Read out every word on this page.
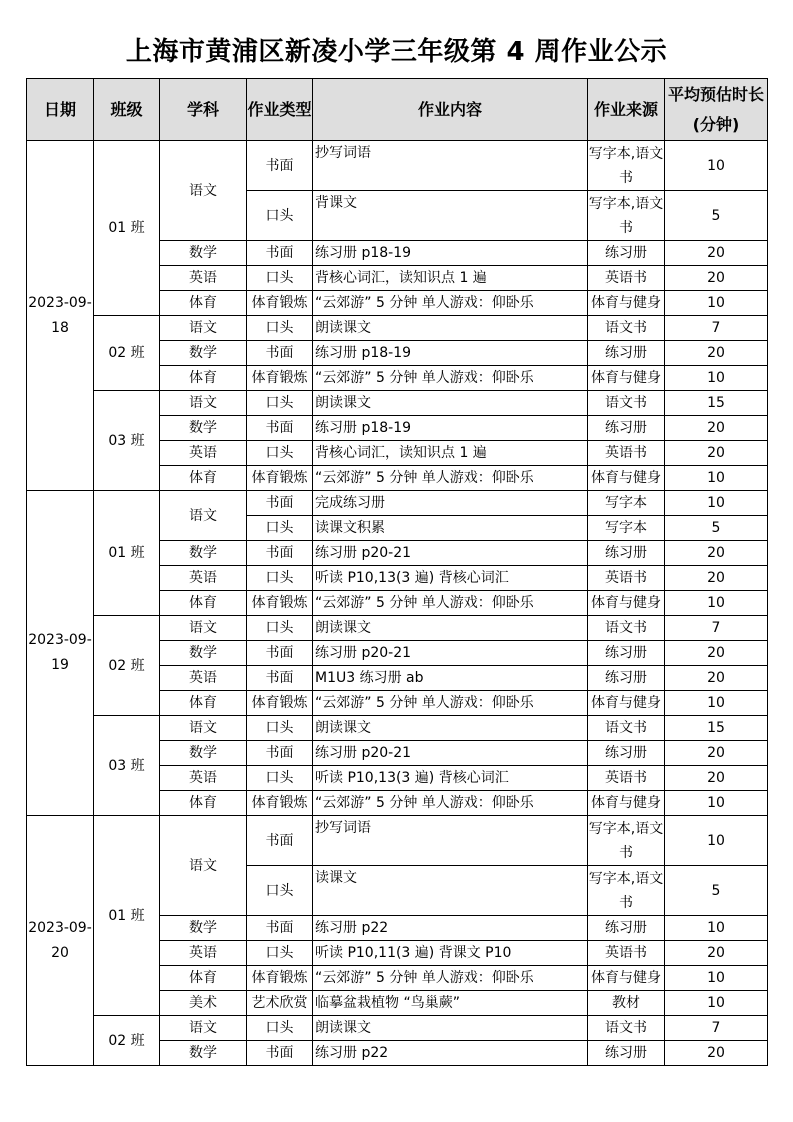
上海市黄浦区新凌小学三年级第 4 周作业公示
日期	班级	学科	作业类型	作业内容	作业来源	平均预估时长(分钟)
2023-09-18	01 班	语文	书面	抄写词语	写字本,语文书	10
			口头	背课文	写字本,语文书	5
		数学	书面	练习册 p18-19	练习册	20
		英语	口头	背核心词汇，读知识点 1 遍	英语书	20
		体育	体育锻炼	“云郊游” 5 分钟 单人游戏：仰卧乐	体育与健身	10
	02 班	语文	口头	朗读课文	语文书	7
		数学	书面	练习册 p18-19	练习册	20
		体育	体育锻炼	“云郊游” 5 分钟 单人游戏：仰卧乐	体育与健身	10
	03 班	语文	口头	朗读课文	语文书	15
		数学	书面	练习册 p18-19	练习册	20
		英语	口头	背核心词汇，读知识点 1 遍	英语书	20
		体育	体育锻炼	“云郊游” 5 分钟 单人游戏：仰卧乐	体育与健身	10
2023-09-19	01 班	语文	书面	完成练习册	写字本	10
			口头	读课文积累	写字本	5
		数学	书面	练习册 p20-21	练习册	20
		英语	口头	听读 P10,13(3 遍) 背核心词汇	英语书	20
		体育	体育锻炼	“云郊游” 5 分钟 单人游戏：仰卧乐	体育与健身	10
	02 班	语文	口头	朗读课文	语文书	7
		数学	书面	练习册 p20-21	练习册	20
		英语	书面	M1U3 练习册 ab	练习册	20
		体育	体育锻炼	“云郊游” 5 分钟 单人游戏：仰卧乐	体育与健身	10
	03 班	语文	口头	朗读课文	语文书	15
		数学	书面	练习册 p20-21	练习册	20
		英语	口头	听读 P10,13(3 遍) 背核心词汇	英语书	20
		体育	体育锻炼	“云郊游” 5 分钟 单人游戏：仰卧乐	体育与健身	10
2023-09-20	01 班	语文	书面	抄写词语	写字本,语文书	10
			口头	读课文	写字本,语文书	5
		数学	书面	练习册 p22	练习册	10
		英语	口头	听读 P10,11(3 遍) 背课文 P10	英语书	20
		体育	体育锻炼	“云郊游” 5 分钟 单人游戏：仰卧乐	体育与健身	10
		美术	艺术欣赏	临摹盆栽植物 “鸟巢蕨”	教材	10
	02 班	语文	口头	朗读课文	语文书	7
		数学	书面	练习册 p22	练习册	20
